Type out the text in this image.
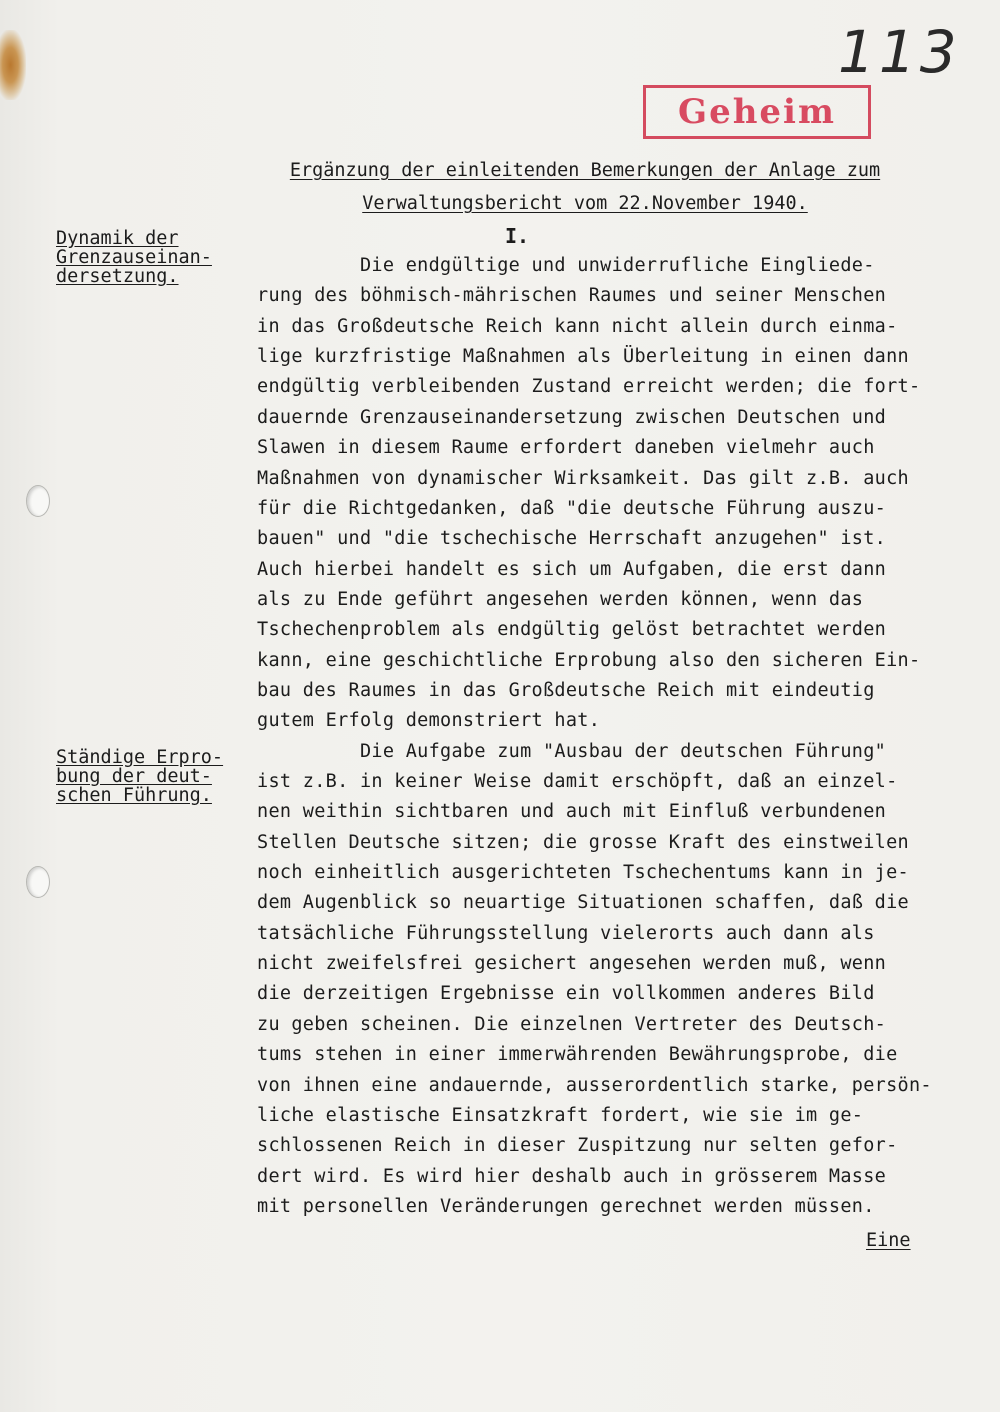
113
Geheim
Ergänzung der einleitenden Bemerkungen der Anlage zum
Verwaltungsbericht vom 22.November 1940.
I.
Dynamik der
Grenzauseinan-
dersetzung.
Ständige Erpro-
bung der deut-
schen Führung.
Die endgültige und unwiderrufliche Eingliede-
rung des böhmisch-mährischen Raumes und seiner Menschen
in das Großdeutsche Reich kann nicht allein durch einma-
lige kurzfristige Maßnahmen als Überleitung in einen dann
endgültig verbleibenden Zustand erreicht werden; die fort-
dauernde Grenzauseinandersetzung zwischen Deutschen und
Slawen in diesem Raume erfordert daneben vielmehr auch
Maßnahmen von dynamischer Wirksamkeit. Das gilt z.B. auch
für die Richtgedanken, daß "die deutsche Führung auszu-
bauen" und "die tschechische Herrschaft anzugehen" ist.
Auch hierbei handelt es sich um Aufgaben, die erst dann
als zu Ende geführt angesehen werden können, wenn das
Tschechenproblem als endgültig gelöst betrachtet werden
kann, eine geschichtliche Erprobung also den sicheren Ein-
bau des Raumes in das Großdeutsche Reich mit eindeutig
gutem Erfolg demonstriert hat.
Die Aufgabe zum "Ausbau der deutschen Führung"
ist z.B. in keiner Weise damit erschöpft, daß an einzel-
nen weithin sichtbaren und auch mit Einfluß verbundenen
Stellen Deutsche sitzen; die grosse Kraft des einstweilen
noch einheitlich ausgerichteten Tschechentums kann in je-
dem Augenblick so neuartige Situationen schaffen, daß die
tatsächliche Führungsstellung vielerorts auch dann als
nicht zweifelsfrei gesichert angesehen werden muß, wenn
die derzeitigen Ergebnisse ein vollkommen anderes Bild
zu geben scheinen. Die einzelnen Vertreter des Deutsch-
tums stehen in einer immerwährenden Bewährungsprobe, die
von ihnen eine andauernde, ausserordentlich starke, persön-
liche elastische Einsatzkraft fordert, wie sie im ge-
schlossenen Reich in dieser Zuspitzung nur selten gefor-
dert wird. Es wird hier deshalb auch in grösserem Masse
mit personellen Veränderungen gerechnet werden müssen.
Eine
